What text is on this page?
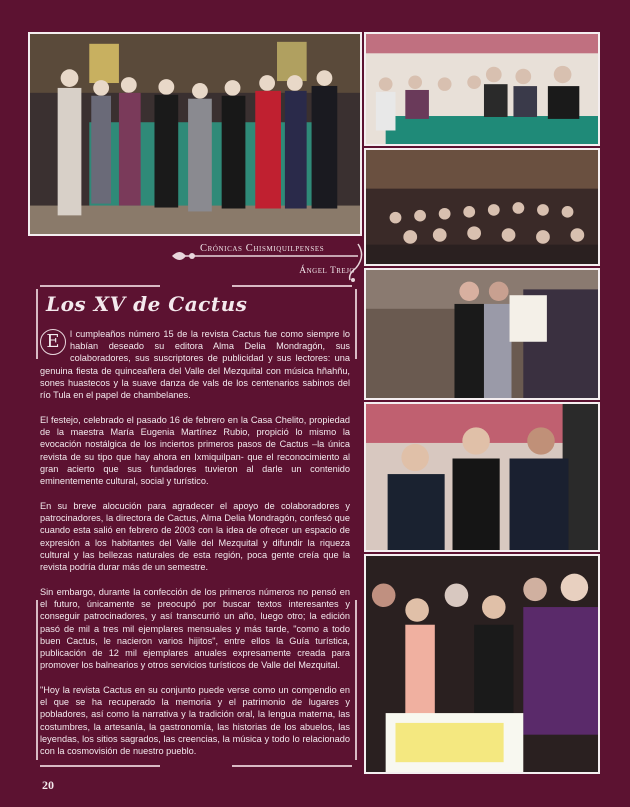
Crónicas Chismiquilpenses
Ángel Trejo
Los XV de Cactus
E	l cumpleaños número 15 de la revista Cactus fue como siempre lo habían deseado su editora Alma Delia Mondragón, sus colaboradores, sus suscriptores de publicidad y sus lectores: una genuina fiesta de quinceañera del Valle del Mezquital con música hñahñu, sones huastecos y la suave danza de vals de los centenarios sabinos del río Tula en el papel de chambelanes.

El festejo, celebrado el pasado 16 de febrero en la Casa Chelito, propiedad de la maestra María Eugenia Martínez Rubio, propició lo mismo la evocación nostálgica de los inciertos primeros pasos de Cactus –la única revista de su tipo que hay ahora en Ixmiquilpan- que el reconocimiento al gran acierto que sus fundadores tuvieron al darle un contenido eminentemente cultural, social y turístico.

En su breve alocución para agradecer el apoyo de colaboradores y patrocinadores, la directora de Cactus, Alma Delia Mondragón, confesó que cuando esta salió en febrero de 2003 con la idea de ofrecer un espacio de expresión a los habitantes del Valle del Mezquital y difundir la riqueza cultural y las bellezas naturales de esta región, poca gente creía que la revista podría durar más de un semestre.

Sin embargo, durante la confección de los primeros números no pensó en el futuro, únicamente se preocupó por buscar textos interesantes y conseguir patrocinadores, y así transcurrió un año, luego otro; la edición pasó de mil a tres mil ejemplares mensuales y más tarde, "como a todo buen Cactus, le nacieron varios hijitos", entre ellos la Guía turística, publicación de 12 mil ejemplares anuales expresamente creada para promover los balnearios y otros servicios turísticos de Valle del Mezquital.

"Hoy la revista Cactus en su conjunto puede verse como un compendio en el que se ha recuperado la memoria y el patrimonio de lugares y pobladores, así como la narrativa y la tradición oral, la lengua materna, las costumbres, la artesanía, la gastronomía, las historias de los abuelos, las leyendas, los sitios sagrados, las creencias, la música y todo lo relacionado con la cosmovisión de nuestro pueblo.

20
